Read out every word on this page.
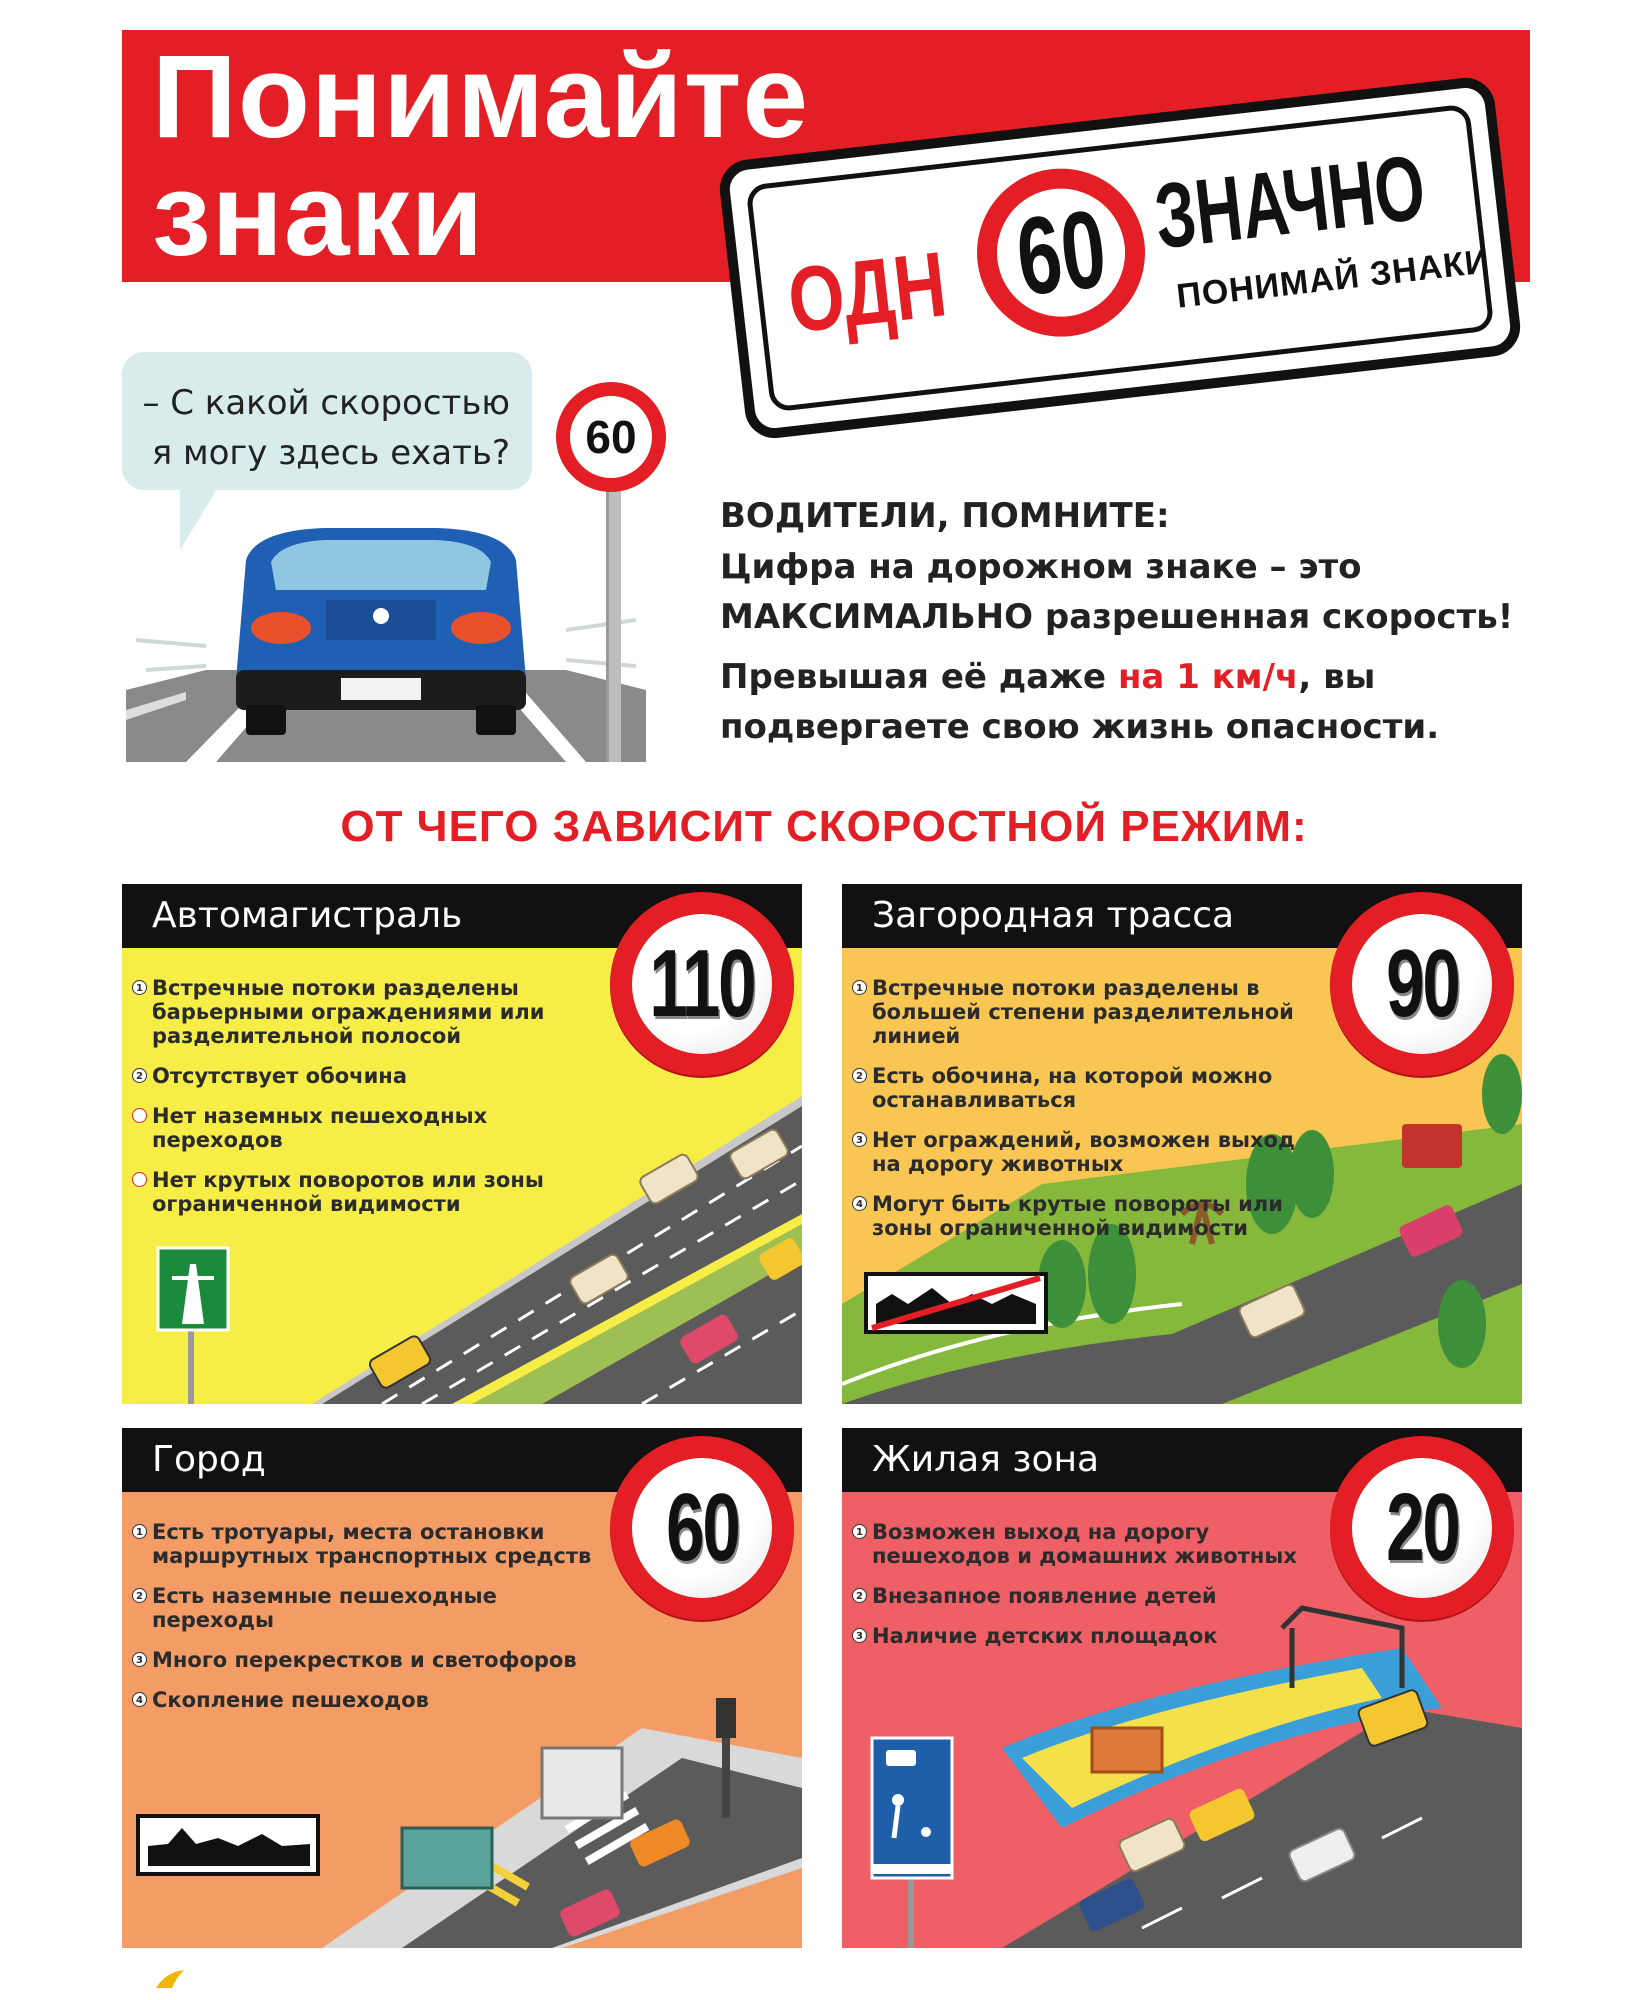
Понимайте
знаки
ОДН 60 ЗНАЧНО
ПОНИМАЙ ЗНАКИ
– С какой скоростью
я могу здесь ехать?	60
ВОДИТЕЛИ, ПОМНИТЕ:
Цифра на дорожном знаке – это
МАКСИМАЛЬНО разрешенная скорость!
Превышая её даже на 1 км/ч, вы
подвергаете свою жизнь опасности.
ОТ ЧЕГО ЗАВИСИТ СКОРОСТНОЙ РЕЖИМ:
Автомагистраль
1 Встречные потоки разделены барьерными ограждениями или разделительной полосой
2 Отсутствует обочина
Нет наземных пешеходных переходов
Нет крутых поворотов или зоны ограниченной видимости
110
Загородная трасса
1 Встречные потоки разделены в большей степени разделительной линией
2 Есть обочина, на которой можно останавливаться
3 Нет ограждений, возможен выход на дорогу животных
4 Могут быть крутые повороты или зоны ограниченной видимости
90
Город
1 Есть тротуары, места остановки маршрутных транспортных средств
2 Есть наземные пешеходные переходы
3 Много перекрестков и светофоров
4 Скопление пешеходов
60
Жилая зона
1 Возможен выход на дорогу пешеходов и домашних животных
2 Внезапное появление детей
3 Наличие детских площадок
20
